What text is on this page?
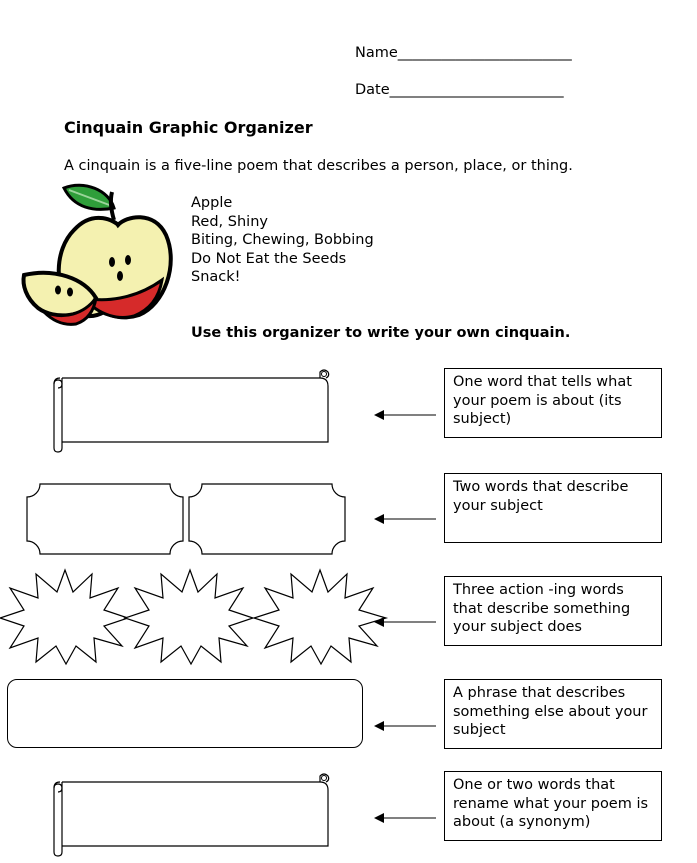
Name________________________
Date________________________
Cinquain Graphic Organizer
A cinquain is a five-line poem that describes a person, place, or thing.
Apple
Red, Shiny
Biting, Chewing, Bobbing
Do Not Eat the Seeds
Snack!
Use this organizer to write your own cinquain.
One word that tells what your poem is about (its subject)
Two words that describe your subject
Three action -ing words that describe something your subject does
A phrase that describes something else about your subject
One or two words that rename what your poem is about (a synonym)
